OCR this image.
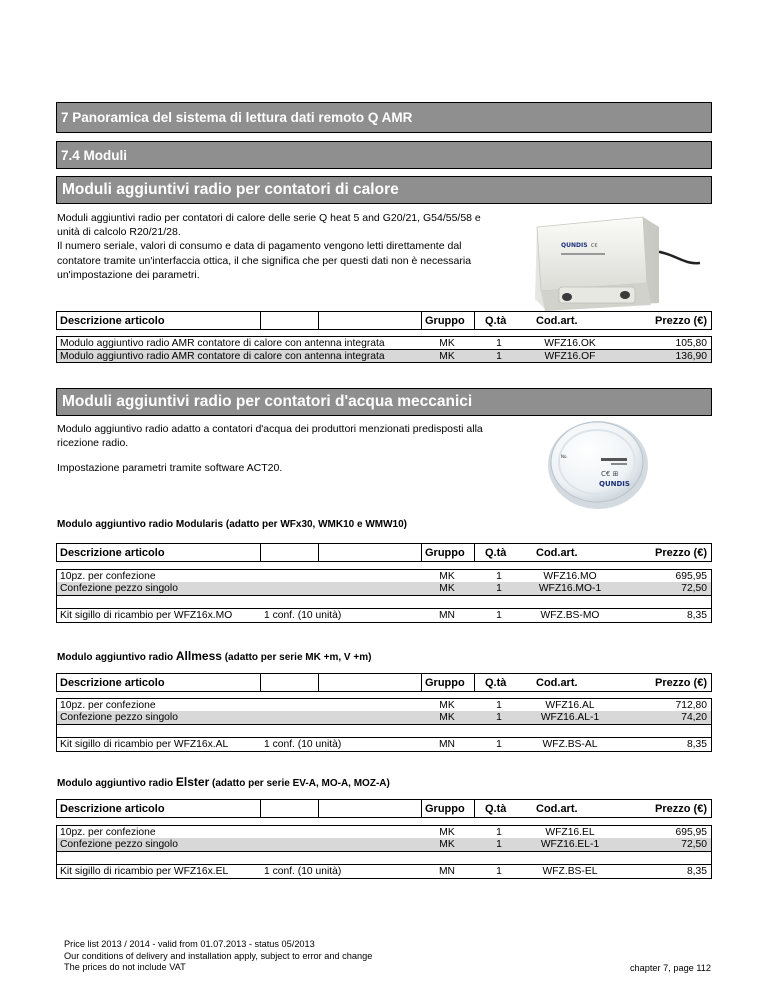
7 Panoramica del sistema di lettura dati remoto Q AMR
7.4 Moduli
Moduli aggiuntivi radio per contatori di calore
Moduli aggiuntivi radio per contatori di calore delle serie Q heat 5 and G20/21, G54/55/58 e
unità di calcolo R20/21/28.
Il numero seriale, valori di consumo e data di pagamento vengono letti direttamente dal
contatore tramite un'interfaccia ottica, il che significa che per questi dati non è necessaria
un'impostazione dei parametri.
QUNDIS C€
Descrizione articolo	Gruppo Q.tà	Cod.art.	Prezzo (€)
Modulo aggiuntivo radio AMR contatore di calore con antenna integrata	MK	1	WFZ16.OK	105,80
Modulo aggiuntivo radio AMR contatore di calore con antenna integrata	MK	1	WFZ16.OF	136,90
Moduli aggiuntivi radio per contatori d'acqua meccanici
Modulo aggiuntivo radio adatto a contatori d'acqua dei produttori menzionati predisposti alla
ricezione radio.
Impostazione parametri tramite software ACT20.
No.
C€ ⊞
QUNDIS
Modulo aggiuntivo radio Modularis (adatto per WFx30, WMK10 e WMW10)
Descrizione articolo	Gruppo Q.tà	Cod.art.	Prezzo (€)
10pz. per confezione	MK	1	WFZ16.MO	695,95
Confezione pezzo singolo	MK	1	WFZ16.MO-1	72,50
Kit sigillo di ricambio per WFZ16x.MO	1 conf. (10 unità)	MN	1	WFZ.BS-MO	8,35
Modulo aggiuntivo radio Allmess (adatto per serie MK +m, V +m)
Descrizione articolo	Gruppo Q.tà	Cod.art.	Prezzo (€)
10pz. per confezione	MK	1	WFZ16.AL	712,80
Confezione pezzo singolo	MK	1	WFZ16.AL-1	74,20
Kit sigillo di ricambio per WFZ16x.AL	1 conf. (10 unità)	MN	1	WFZ.BS-AL	8,35
Modulo aggiuntivo radio Elster (adatto per serie EV-A, MO-A, MOZ-A)
Descrizione articolo	Gruppo Q.tà	Cod.art.	Prezzo (€)
10pz. per confezione	MK	1	WFZ16.EL	695,95
Confezione pezzo singolo	MK	1	WFZ16.EL-1	72,50
Kit sigillo di ricambio per WFZ16x.EL	1 conf. (10 unità)	MN	1	WFZ.BS-EL	8,35
Price list 2013 / 2014 - valid from 01.07.2013 - status 05/2013
Our conditions of delivery and installation apply, subject to error and change
The prices do not include VAT	chapter 7, page 112
